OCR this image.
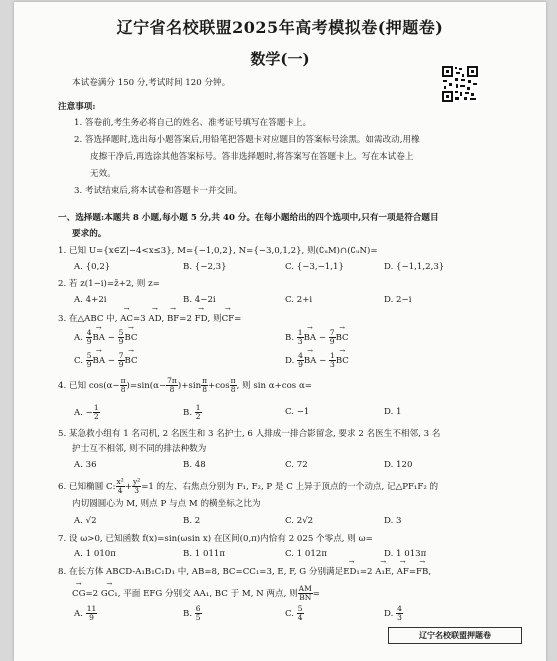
辽宁省名校联盟2025年高考模拟卷(押题卷)
数学(一)
本试卷满分 150 分,考试时间 120 分钟。
注意事项:
1. 答卷前,考生务必将自己的姓名、准考证号填写在答题卡上。
2. 答选择题时,选出每小题答案后,用铅笔把答题卡对应题目的答案标号涂黑。如需改动,用橡
皮擦干净后,再选涂其他答案标号。答非选择题时,将答案写在答题卡上。写在本试卷上
无效。
3. 考试结束后,将本试卷和答题卡一并交回。
一、选择题:本题共 8 小题,每小题 5 分,共 40 分。在每小题给出的四个选项中,只有一项是符合题目
要求的。
1. 已知 U={x∈Z|−4<x≤3}, M={−1,0,2}, N={−3,0,1,2}, 则(∁ᵤM)∩(∁ᵤN)=
A. {0,2}	B. {−2,3}	C. {−3,−1,1}	D. {−1,1,2,3}
2. 若 z(1−i)=z̄+2, 则 z=
A. 4+2i	B. 4−2i	C. 2+i	D. 2−i
3. 在△ABC 中, → AC=3 → AD, → BF=2 → FD, 则→ CF=
A. $\frac{4}{9}$ → BA − $\frac{5}{9}$ → BC	B. $\frac{1}{3}$ → BA − $\frac{7}{9}$ → BC
C. $\frac{5}{9}$ → BA − $\frac{7}{9}$ → BC	D. $\frac{4}{9}$ → BA − $\frac{1}{3}$ → BC
4. 已知 $\cos(\alpha- \frac{\pi}{8} )=\sin(\alpha- \frac{7\pi}{8} )+\sin \frac{\pi}{8} +\cos \frac{\pi}{8}$ , 则 sin α+cos α=
A. − $\frac{1}{2}$	B. $\frac{1}{2}$	C. −1	D. 1
5. 某急救小组有 1 名司机, 2 名医生和 3 名护士, 6 人排成一排合影留念, 要求 2 名医生不相邻, 3 名
护士互不相邻, 则不同的排法种数为
A. 36	B. 48	C. 72	D. 120
6. 已知椭圆 C: $\frac{\text{x²}}{4} + \frac{\text{y²}}{3} =1$ 的左、右焦点分别为 F₁, F₂, P 是 C 上异于顶点的一个动点, 记△PF₁F₂ 的
内切圆圆心为 M, 则点 P 与点 M 的横坐标之比为
A. √2	B. 2	C. 2√2	D. 3
7. 设 ω>0, 已知函数 f(x)=sin(ωsin x) 在区间(0,π)内恰有 2 025 个零点, 则 ω=
A. 1 010π	B. 1 011π	C. 1 012π	D. 1 013π
8. 在长方体 ABCD-A₁B₁C₁D₁ 中, AB=8, BC=CC₁=3, E, F, G 分别满足→ ED₁=2 → A₁E, → AF=→ FB,
→ CG=2 → GC₁, 平面 EFG 分别交 AA₁, BC 于 M, N 两点, 则 $\frac{AM}{BN}$ =
A. $\frac{11}{9}$	B. $\frac{6}{5}$	C. $\frac{5}{4}$	D. $\frac{4}{3}$
辽宁名校联盟押题卷
